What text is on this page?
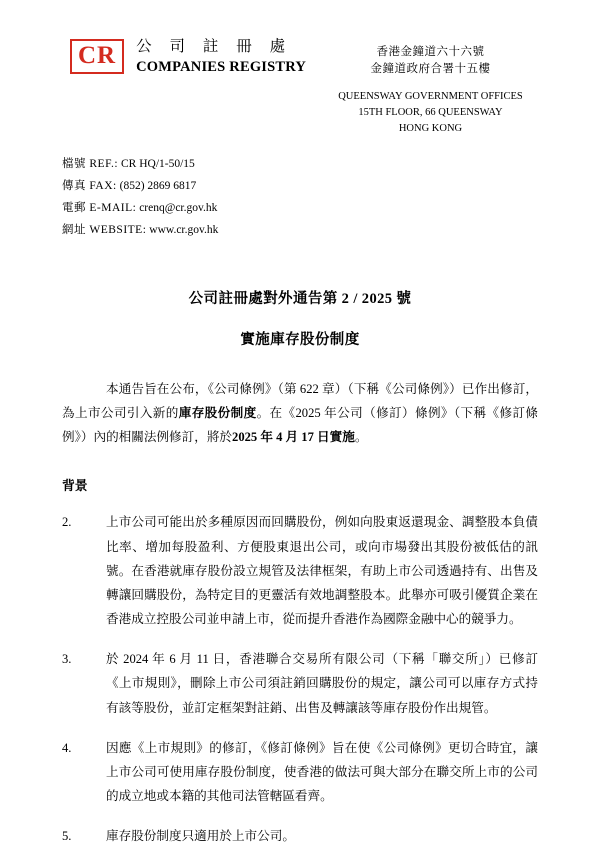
CR	公 司 註 冊 處
COMPANIES REGISTRY
香港金鐘道六十六號
金鐘道政府合署十五樓
QUEENSWAY GOVERNMENT OFFICES
15TH FLOOR, 66 QUEENSWAY
HONG KONG
檔號 REF.: CR HQ/1-50/15
傳真 FAX: (852) 2869 6817
電郵 E-MAIL: crenq@cr.gov.hk
網址 WEBSITE: www.cr.gov.hk
公司註冊處對外通告第 2 / 2025 號
實施庫存股份制度
本通告旨在公布，《公司條例》（第 622 章）（下稱《公司條例》）已作出修訂，為上市公司引入新的庫存股份制度。在《2025 年公司（修訂）條例》（下稱《修訂條例》）內的相關法例修訂，將於2025 年 4 月 17 日實施。
背景
2.	上市公司可能出於多種原因而回購股份，例如向股東返還現金、調整股本負債比率、增加每股盈利、方便股東退出公司，或向市場發出其股份被低估的訊號。在香港就庫存股份設立規管及法律框架，有助上市公司透過持有、出售及轉讓回購股份，為特定目的更靈活有效地調整股本。此舉亦可吸引優質企業在香港成立控股公司並申請上市，從而提升香港作為國際金融中心的競爭力。
3.	於 2024 年 6 月 11 日，香港聯合交易所有限公司（下稱「聯交所」）已修訂《上市規則》，刪除上市公司須註銷回購股份的規定，讓公司可以庫存方式持有該等股份，並訂定框架對註銷、出售及轉讓該等庫存股份作出規管。
4.	因應《上市規則》的修訂，《修訂條例》旨在使《公司條例》更切合時宜，讓上市公司可使用庫存股份制度，使香港的做法可與大部分在聯交所上市的公司的成立地或本籍的其他司法管轄區看齊。
5.	庫存股份制度只適用於上市公司。
